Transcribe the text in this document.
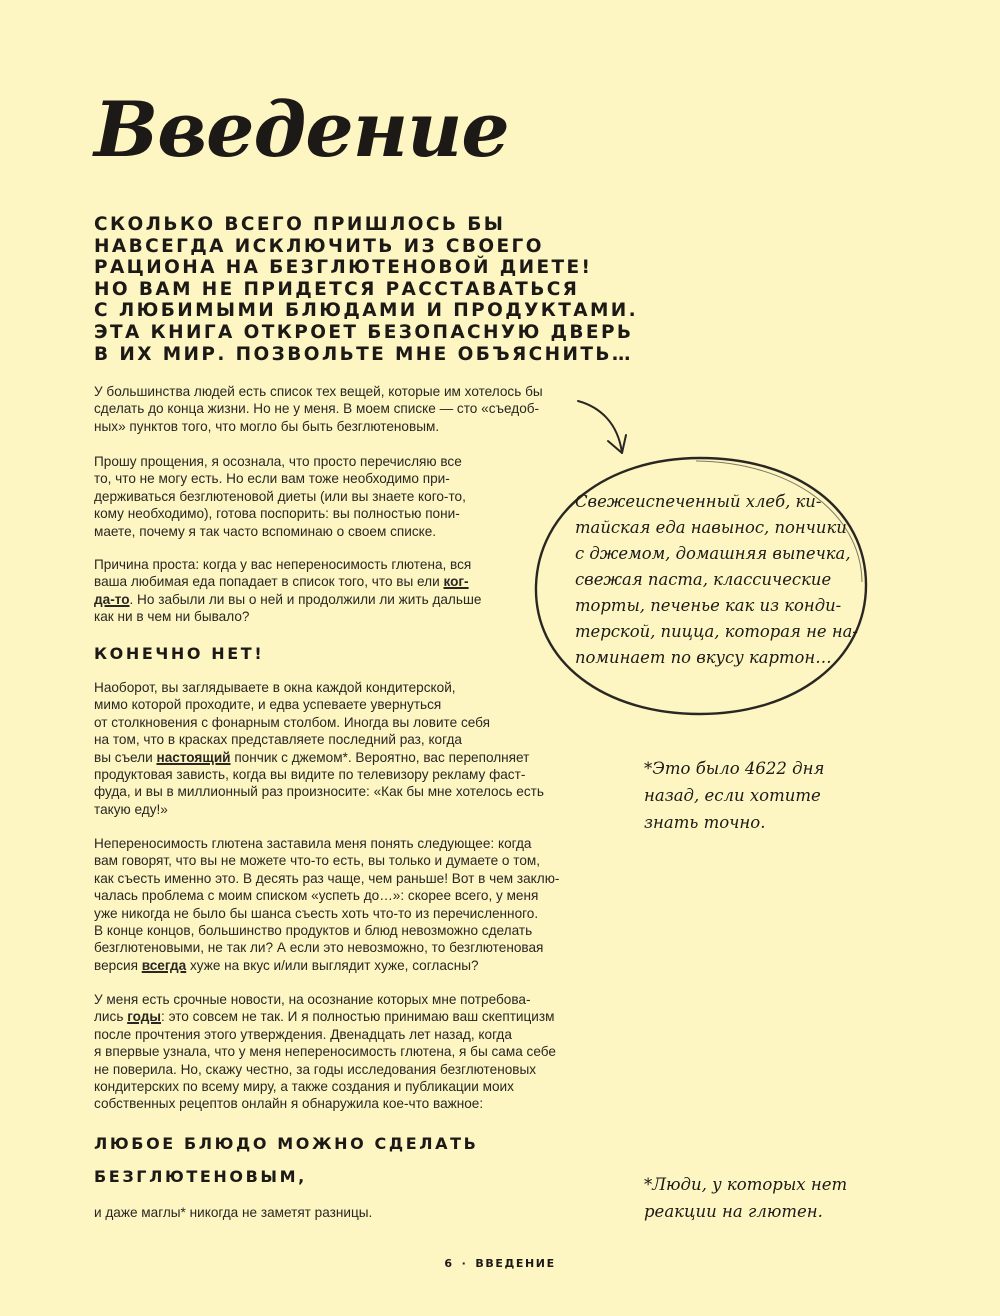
Введение
СКОЛЬКО ВСЕГО ПРИШЛОСЬ БЫ
НАВСЕГДА ИСКЛЮЧИТЬ ИЗ СВОЕГО
РАЦИОНА НА БЕЗГЛЮТЕНОВОЙ ДИЕТЕ!
НО ВАМ НЕ ПРИДЕТСЯ РАССТАВАТЬСЯ
С ЛЮБИМЫМИ БЛЮДАМИ И ПРОДУКТАМИ.
ЭТА КНИГА ОТКРОЕТ БЕЗОПАСНУЮ ДВЕРЬ
В ИХ МИР. ПОЗВОЛЬТЕ МНЕ ОБЪЯСНИТЬ…
У большинства людей есть список тех вещей, которые им хотелось бы
сделать до конца жизни. Но не у меня. В моем списке — сто «съедоб-
ных» пунктов того, что могло бы быть безглютеновым.
Прошу прощения, я осознала, что просто перечисляю все
то, что не могу есть. Но если вам тоже необходимо при-
держиваться безглютеновой диеты (или вы знаете кого-то,
кому необходимо), готова поспорить: вы полностью пони-
маете, почему я так часто вспоминаю о своем списке.
Причина проста: когда у вас непереносимость глютена, вся
ваша любимая еда попадает в список того, что вы ели ког-
да-то. Но забыли ли вы о ней и продолжили ли жить дальше
как ни в чем ни бывало?
КОНЕЧНО НЕТ!
Наоборот, вы заглядываете в окна каждой кондитерской,
мимо которой проходите, и едва успеваете увернуться
от столкновения с фонарным столбом. Иногда вы ловите себя
на том, что в красках представляете последний раз, когда
вы съели настоящий пончик с джемом*. Вероятно, вас переполняет
продуктовая зависть, когда вы видите по телевизору рекламу фаст-
фуда, и вы в миллионный раз произносите: «Как бы мне хотелось есть
такую еду!»
Непереносимость глютена заставила меня понять следующее: когда
вам говорят, что вы не можете что-то есть, вы только и думаете о том,
как съесть именно это. В десять раз чаще, чем раньше! Вот в чем заклю-
чалась проблема с моим списком «успеть до…»: скорее всего, у меня
уже никогда не было бы шанса съесть хоть что-то из перечисленного.
В конце концов, большинство продуктов и блюд невозможно сделать
безглютеновыми, не так ли? А если это невозможно, то безглютеновая
версия всегда хуже на вкус и/или выглядит хуже, согласны?
У меня есть срочные новости, на осознание которых мне потребова-
лись годы: это совсем не так. И я полностью принимаю ваш скептицизм
после прочтения этого утверждения. Двенадцать лет назад, когда
я впервые узнала, что у меня непереносимость глютена, я бы сама себе
не поверила. Но, скажу честно, за годы исследования безглютеновых
кондитерских по всему миру, а также создания и публикации моих
собственных рецептов онлайн я обнаружила кое-что важное:
ЛЮБОЕ БЛЮДО МОЖНО СДЕЛАТЬ
БЕЗГЛЮТЕНОВЫМ,
и даже маглы* никогда не заметят разницы.
Свежеиспеченный хлеб, ки-
тайская еда навынос, пончики
с джемом, домашняя выпечка,
свежая паста, классические
торты, печенье как из конди-
терской, пицца, которая не на-
поминает по вкусу картон…
*Это было 4622 дня
назад, если хотите
знать точно.
*Люди, у которых нет
реакции на глютен.
6 · ВВЕДЕНИЕ
